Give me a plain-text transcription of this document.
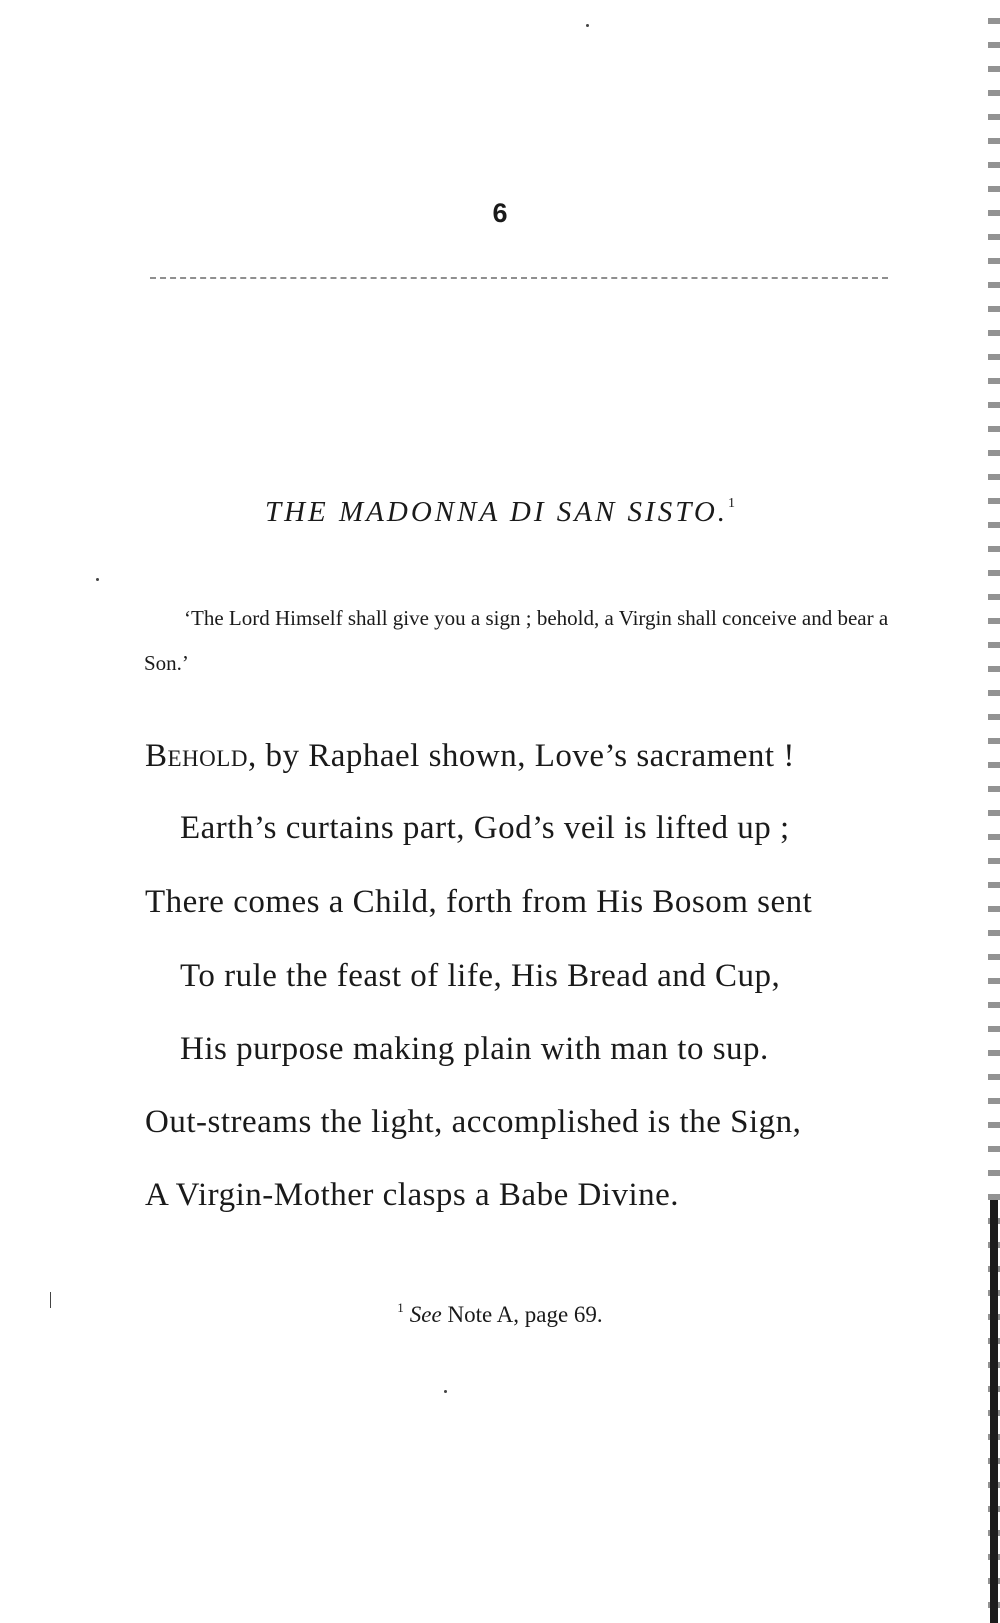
6
THE MADONNA DI SAN SISTO.$^1$
‘The Lord Himself shall give you a sign ; behold, a Virgin shall conceive and bear a Son.’
Behold, by Raphael shown, Love’s sacrament !
Earth’s curtains part, God’s veil is lifted up ;
There comes a Child, forth from His Bosom sent
To rule the feast of life, His Bread and Cup,
His purpose making plain with man to sup.
Out-streams the light, accomplished is the Sign,
A Virgin-Mother clasps a Babe Divine.
$^1$ See Note A, page 69.
